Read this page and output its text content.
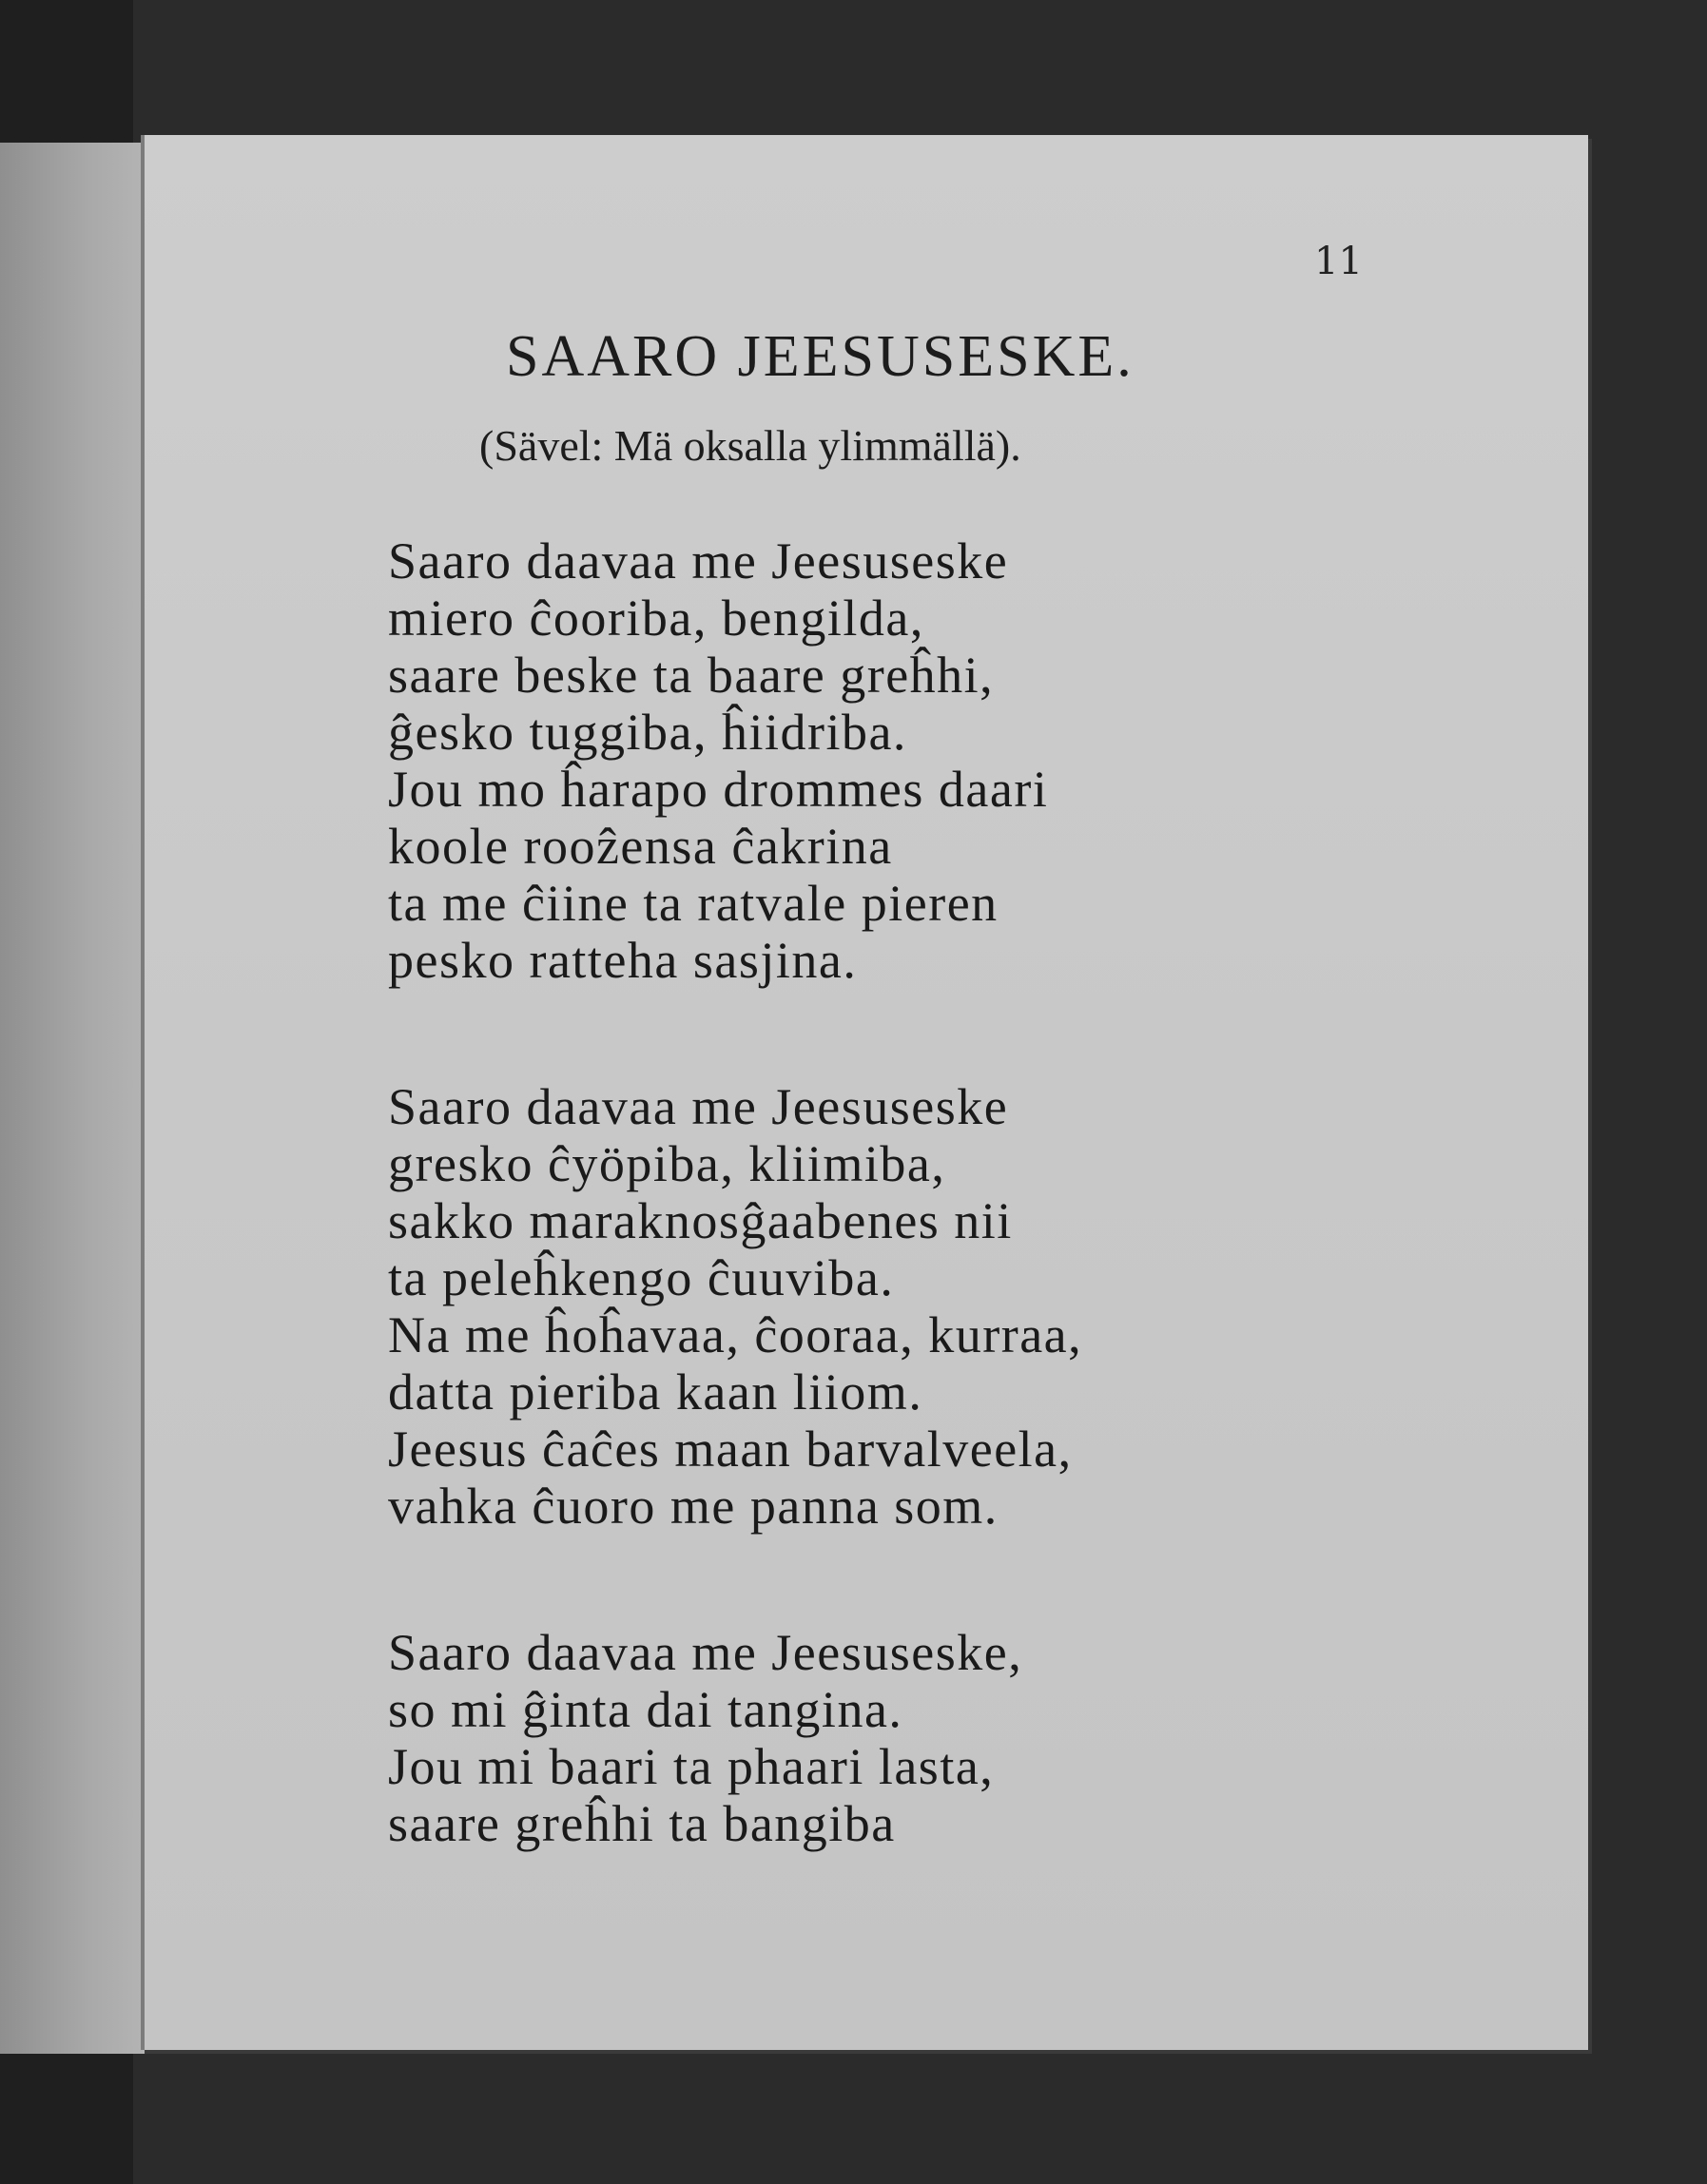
11
SAARO JEESUSESKE.
(Sävel: Mä oksalla ylimmällä).
Saaro daavaa me Jeesuseske
miero ĉooriba, bengilda,
saare beske ta baare greĥhi,
ĝesko tuggiba, ĥiidriba.
Jou mo ĥarapo drommes daari
koole rooẑensa ĉakrina
ta me ĉiine ta ratvale pieren
pesko ratteha sasjina.
Saaro daavaa me Jeesuseske
gresko ĉyöpiba, kliimiba,
sakko maraknosĝaabenes nii
ta peleĥkengo ĉuuviba.
Na me ĥoĥavaa, ĉooraa, kurraa,
datta pieriba kaan liiom.
Jeesus ĉaĉes maan barvalveela,
vahka ĉuoro me panna som.
Saaro daavaa me Jeesuseske,
so mi ĝinta dai tangina.
Jou mi baari ta phaari lasta,
saare greĥhi ta bangiba
